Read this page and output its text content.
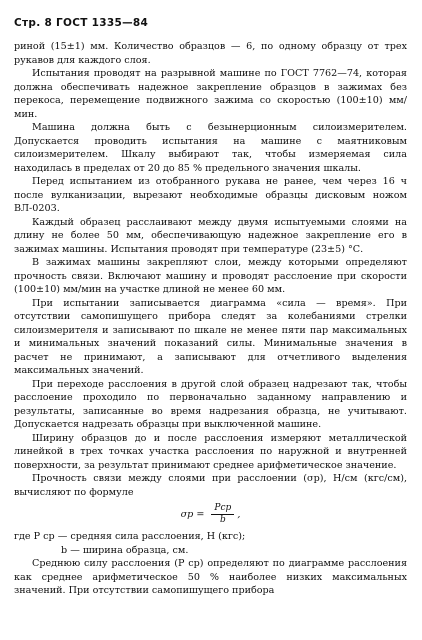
Стр. 8 ГОСТ 1335—84

риной (15±1) мм. Количество образцов — 6, по одному образцу от трех рукавов для каждого слоя.

Испытания проводят на разрывной машине по ГОСТ 7762—74, которая должна обеспечивать надежное закрепление образцов в зажимах без перекоса, перемещение подвижного зажима со скоростью (100±10) мм/мин.

Машина должна быть с безынерционным силоизмерителем. Допускается проводить испытания на машине с маятниковым силоизмерителем. Шкалу выбирают так, чтобы измеряемая сила находилась в пределах от 20 до 85 % предельного значения шкалы.

Перед испытанием из отобранного рукава не ранее, чем через 16 ч после вулканизации, вырезают необходимые образцы дисковым ножом ВЛ-0203.

Каждый образец расслаивают между двумя испытуемыми слоями на длину не более 50 мм, обеспечивающую надежное закрепление его в зажимах машины. Испытания проводят при температуре (23±5) °С.

В зажимах машины закрепляют слои, между которыми определяют прочность связи. Включают машину и проводят расслоение при скорости (100±10) мм/мин на участке длиной не менее 60 мм.

При испытании записывается диаграмма «сила — время». При отсутствии самопишущего прибора следят за колебаниями стрелки силоизмерителя и записывают по шкале не менее пяти пар максимальных и минимальных значений показаний силы. Минимальные значения в расчет не принимают, а записывают для отчетливого выделения максимальных значений.

При переходе расслоения в другой слой образец надрезают так, чтобы расслоение проходило по первоначально заданному направлению и результаты, записанные во время надрезания образца, не учитывают. Допускается надрезать образцы при выключенной машине.

Ширину образцов до и после расслоения измеряют металлической линейкой в трех точках участка расслоения по наружной и внутренней поверхности, за результат принимают среднее арифметическое значение.

Прочность связи между слоями при расслоении (σр), Н/см (кгс/см), вычисляют по формуле

$\sigma р = \frac{\text{Pср}}{b}$ ,
где P ср — средняя сила расслоения, Н (кгс);
b — ширина образца, см.

Среднюю силу расслоения (P ср) определяют по диаграмме расслоения как среднее арифметическое 50 % наиболее низких максимальных значений. При отсутствии самопишущего прибора
